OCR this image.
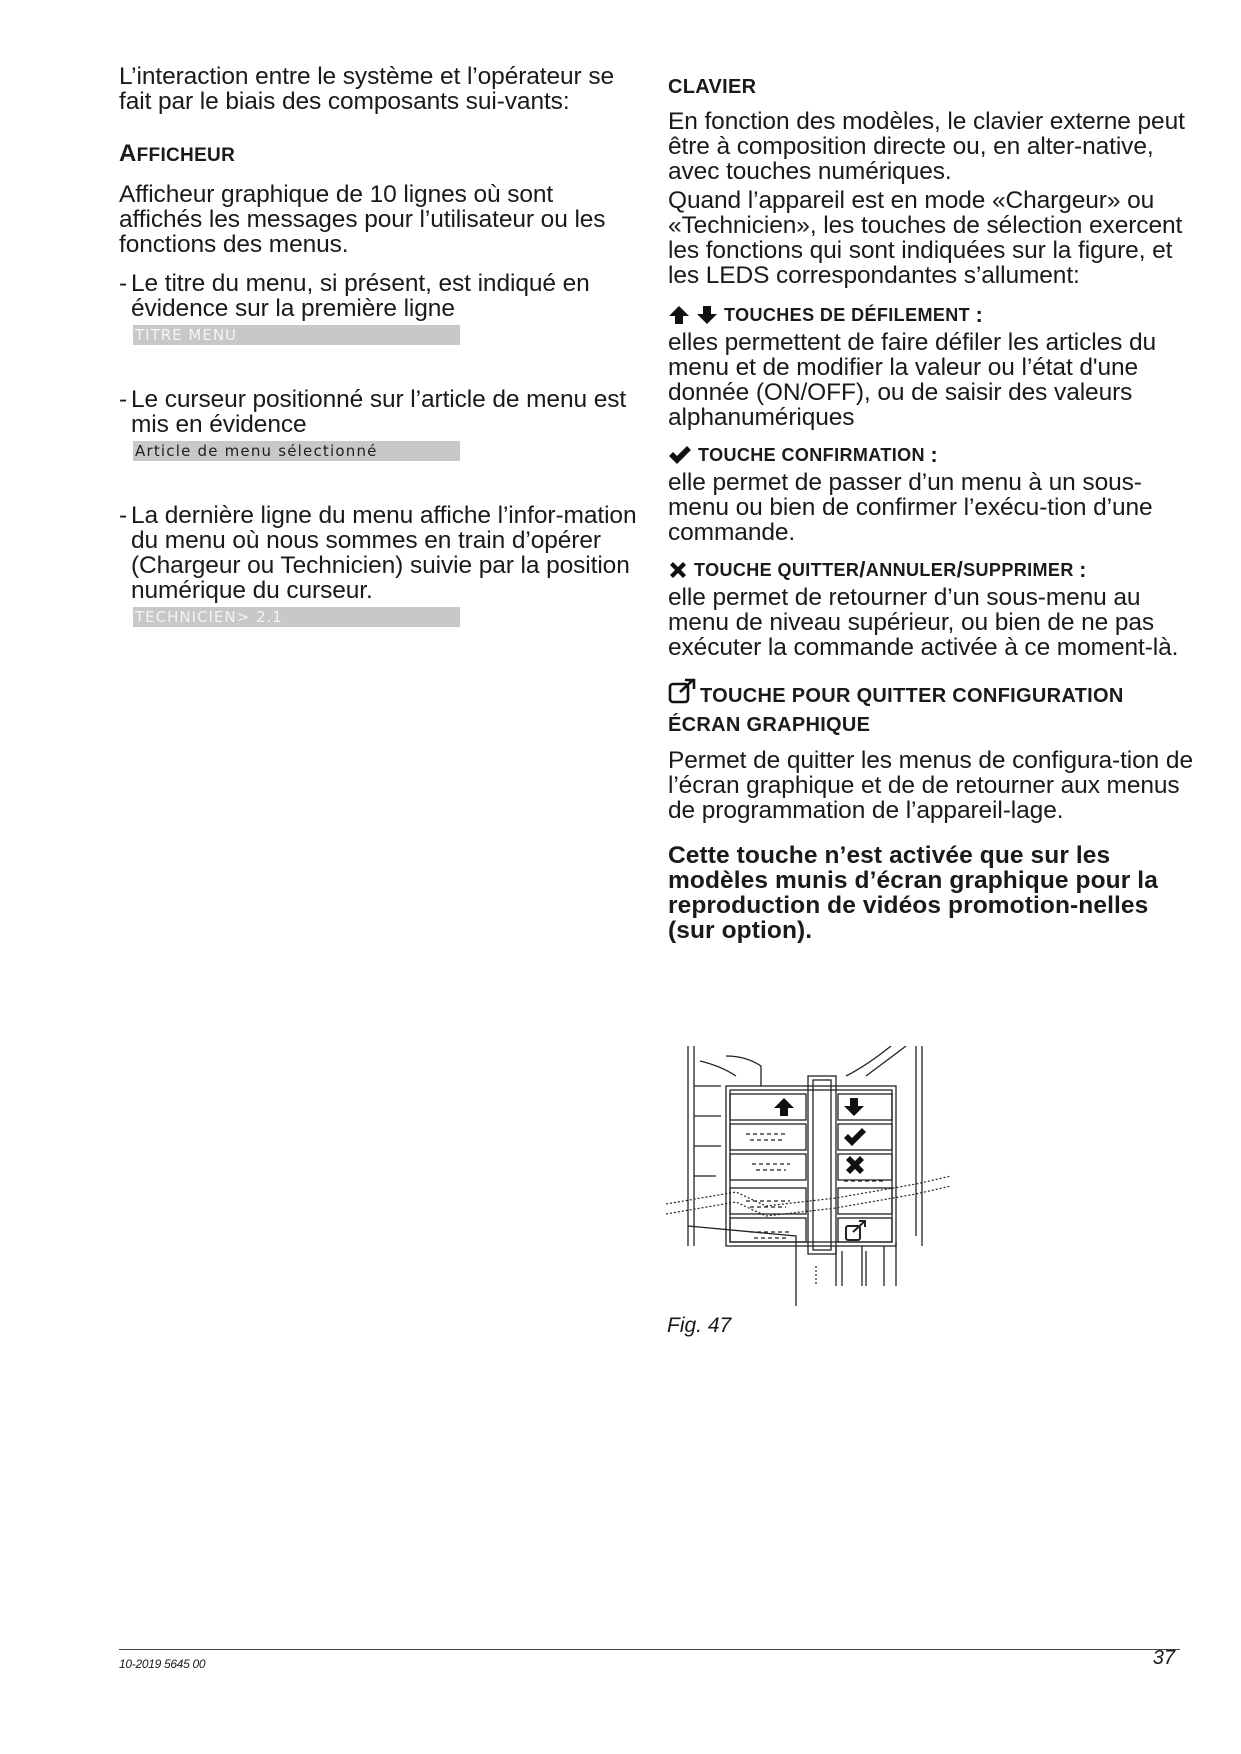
L’interaction entre le système et l’opérateur se fait par le biais des composants sui-vants:

AFFICHEUR

Afficheur graphique de 10 lignes où sont affichés les messages pour l’utilisateur ou les fonctions des menus.

- Le titre du menu, si présent, est indiqué en évidence sur la première ligne
TITRE MENU
- Le curseur positionné sur l’article de menu est mis en évidence
Article de menu sélectionné
- La dernière ligne du menu affiche l’infor-mation du menu où nous sommes en train d’opérer (Chargeur ou Technicien) suivie par la position numérique du curseur.
TECHNICIEN> 2.1

CLAVIER

En fonction des modèles, le clavier externe peut être à composition directe ou, en alter-native, avec touches numériques.

Quand l’appareil est en mode «Chargeur» ou «Technicien», les touches de sélection exercent les fonctions qui sont indiquées sur la figure, et les LEDS correspondantes s’allument:

TOUCHES DE DÉFILEMENT
:

elles permettent de faire défiler les articles du menu et de modifier la valeur ou l’état d'une donnée (ON/OFF), ou de saisir des valeurs alphanumériques

TOUCHE CONFIRMATION
:

elle permet de passer d’un menu à un sous-menu ou bien de confirmer l’exécu-tion d’une commande.

TOUCHE QUITTER / ANNULER / SUPPRIMER
:

elle permet de retourner d’un sous-menu au menu de niveau supérieur, ou bien de ne pas exécuter la commande activée à ce moment-là.

TOUCHE POUR QUITTER CONFIGURATION
ÉCRAN GRAPHIQUE

Permet de quitter les menus de configura-tion de l’écran graphique et de de retourner aux menus de programmation de l’appareil-lage.

Cette touche n’est activée que sur les modèles munis d’écran graphique pour la reproduction de vidéos promotion-nelles (sur option).

Fig. 47

10-2019 5645 00	37
